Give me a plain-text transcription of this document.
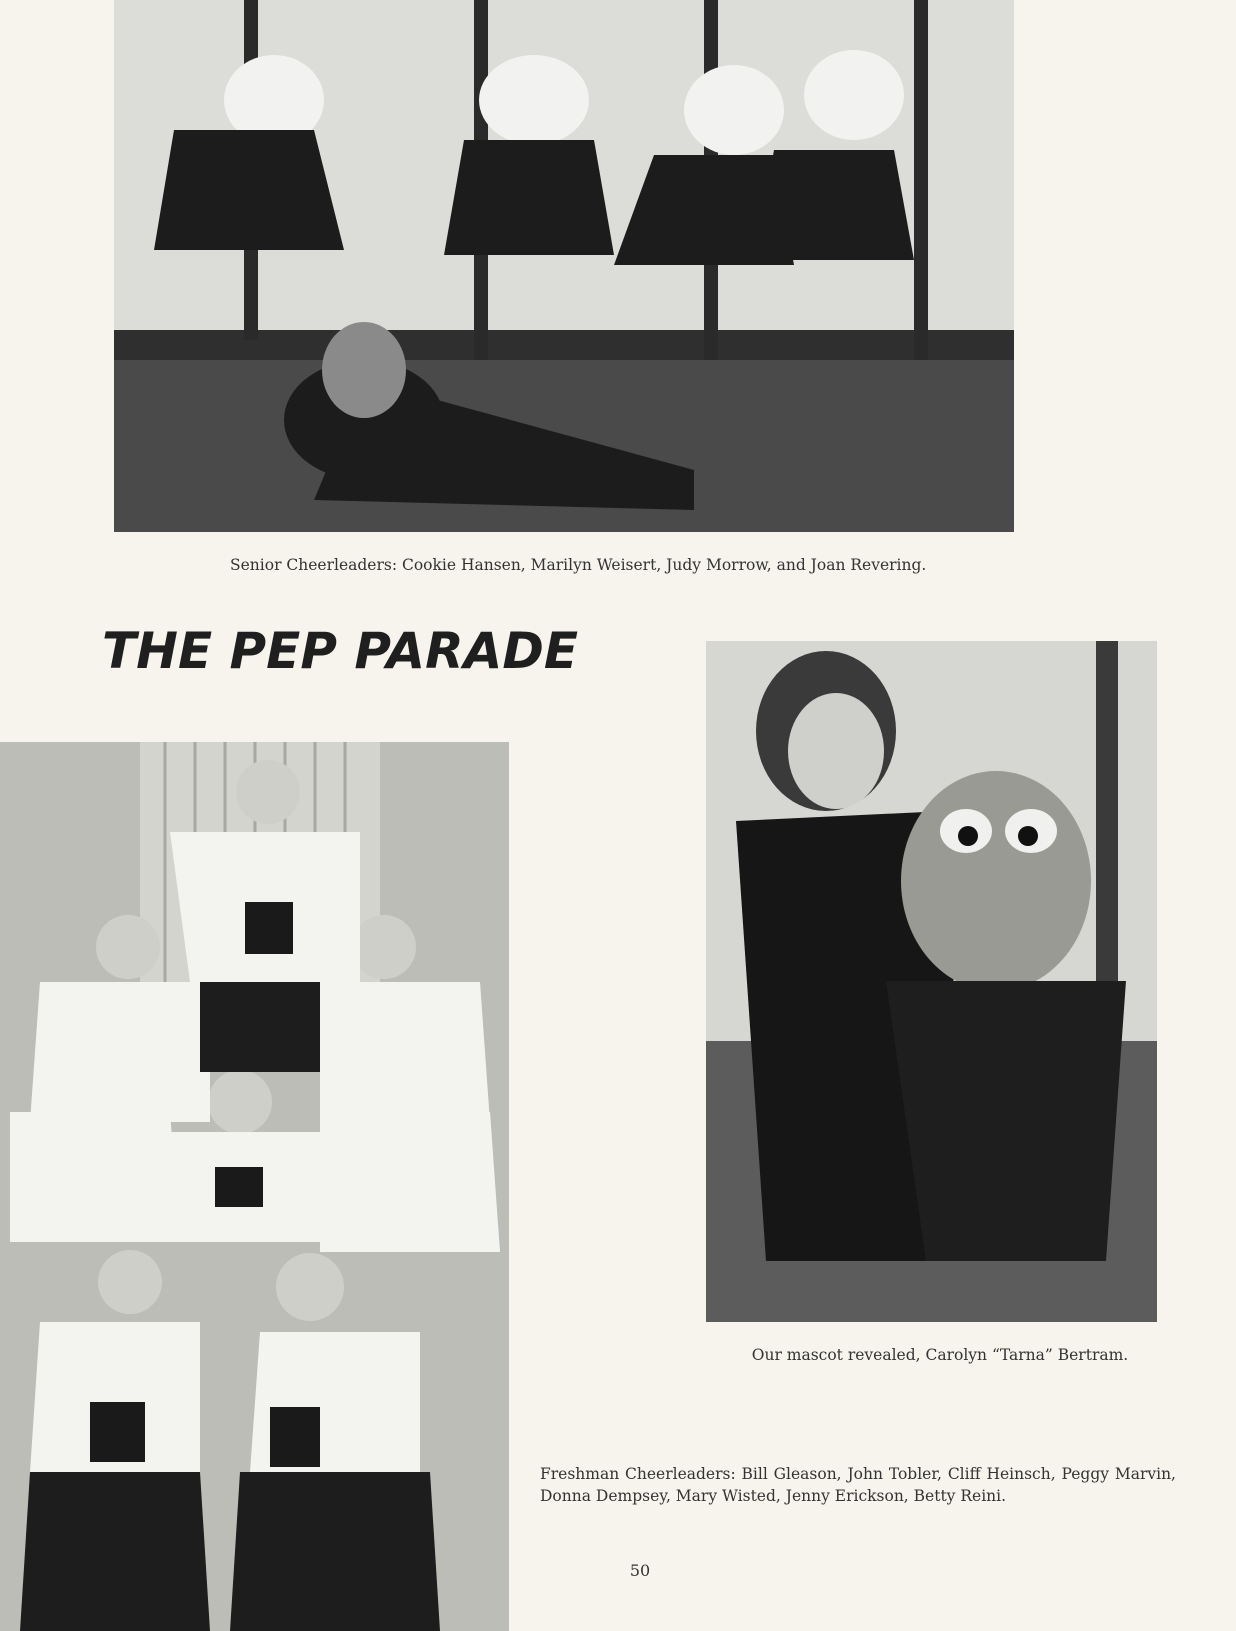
Senior Cheerleaders: Cookie Hansen, Marilyn Weisert, Judy Morrow, and Joan Revering.

THE PEP PARADE

Our mascot revealed, Carolyn “Tarna” Bertram.

Freshman Cheerleaders: Bill Gleason, John Tobler, Cliff Heinsch, Peggy Marvin, Donna Dempsey, Mary Wisted, Jenny Erickson, Betty Reini.

50
